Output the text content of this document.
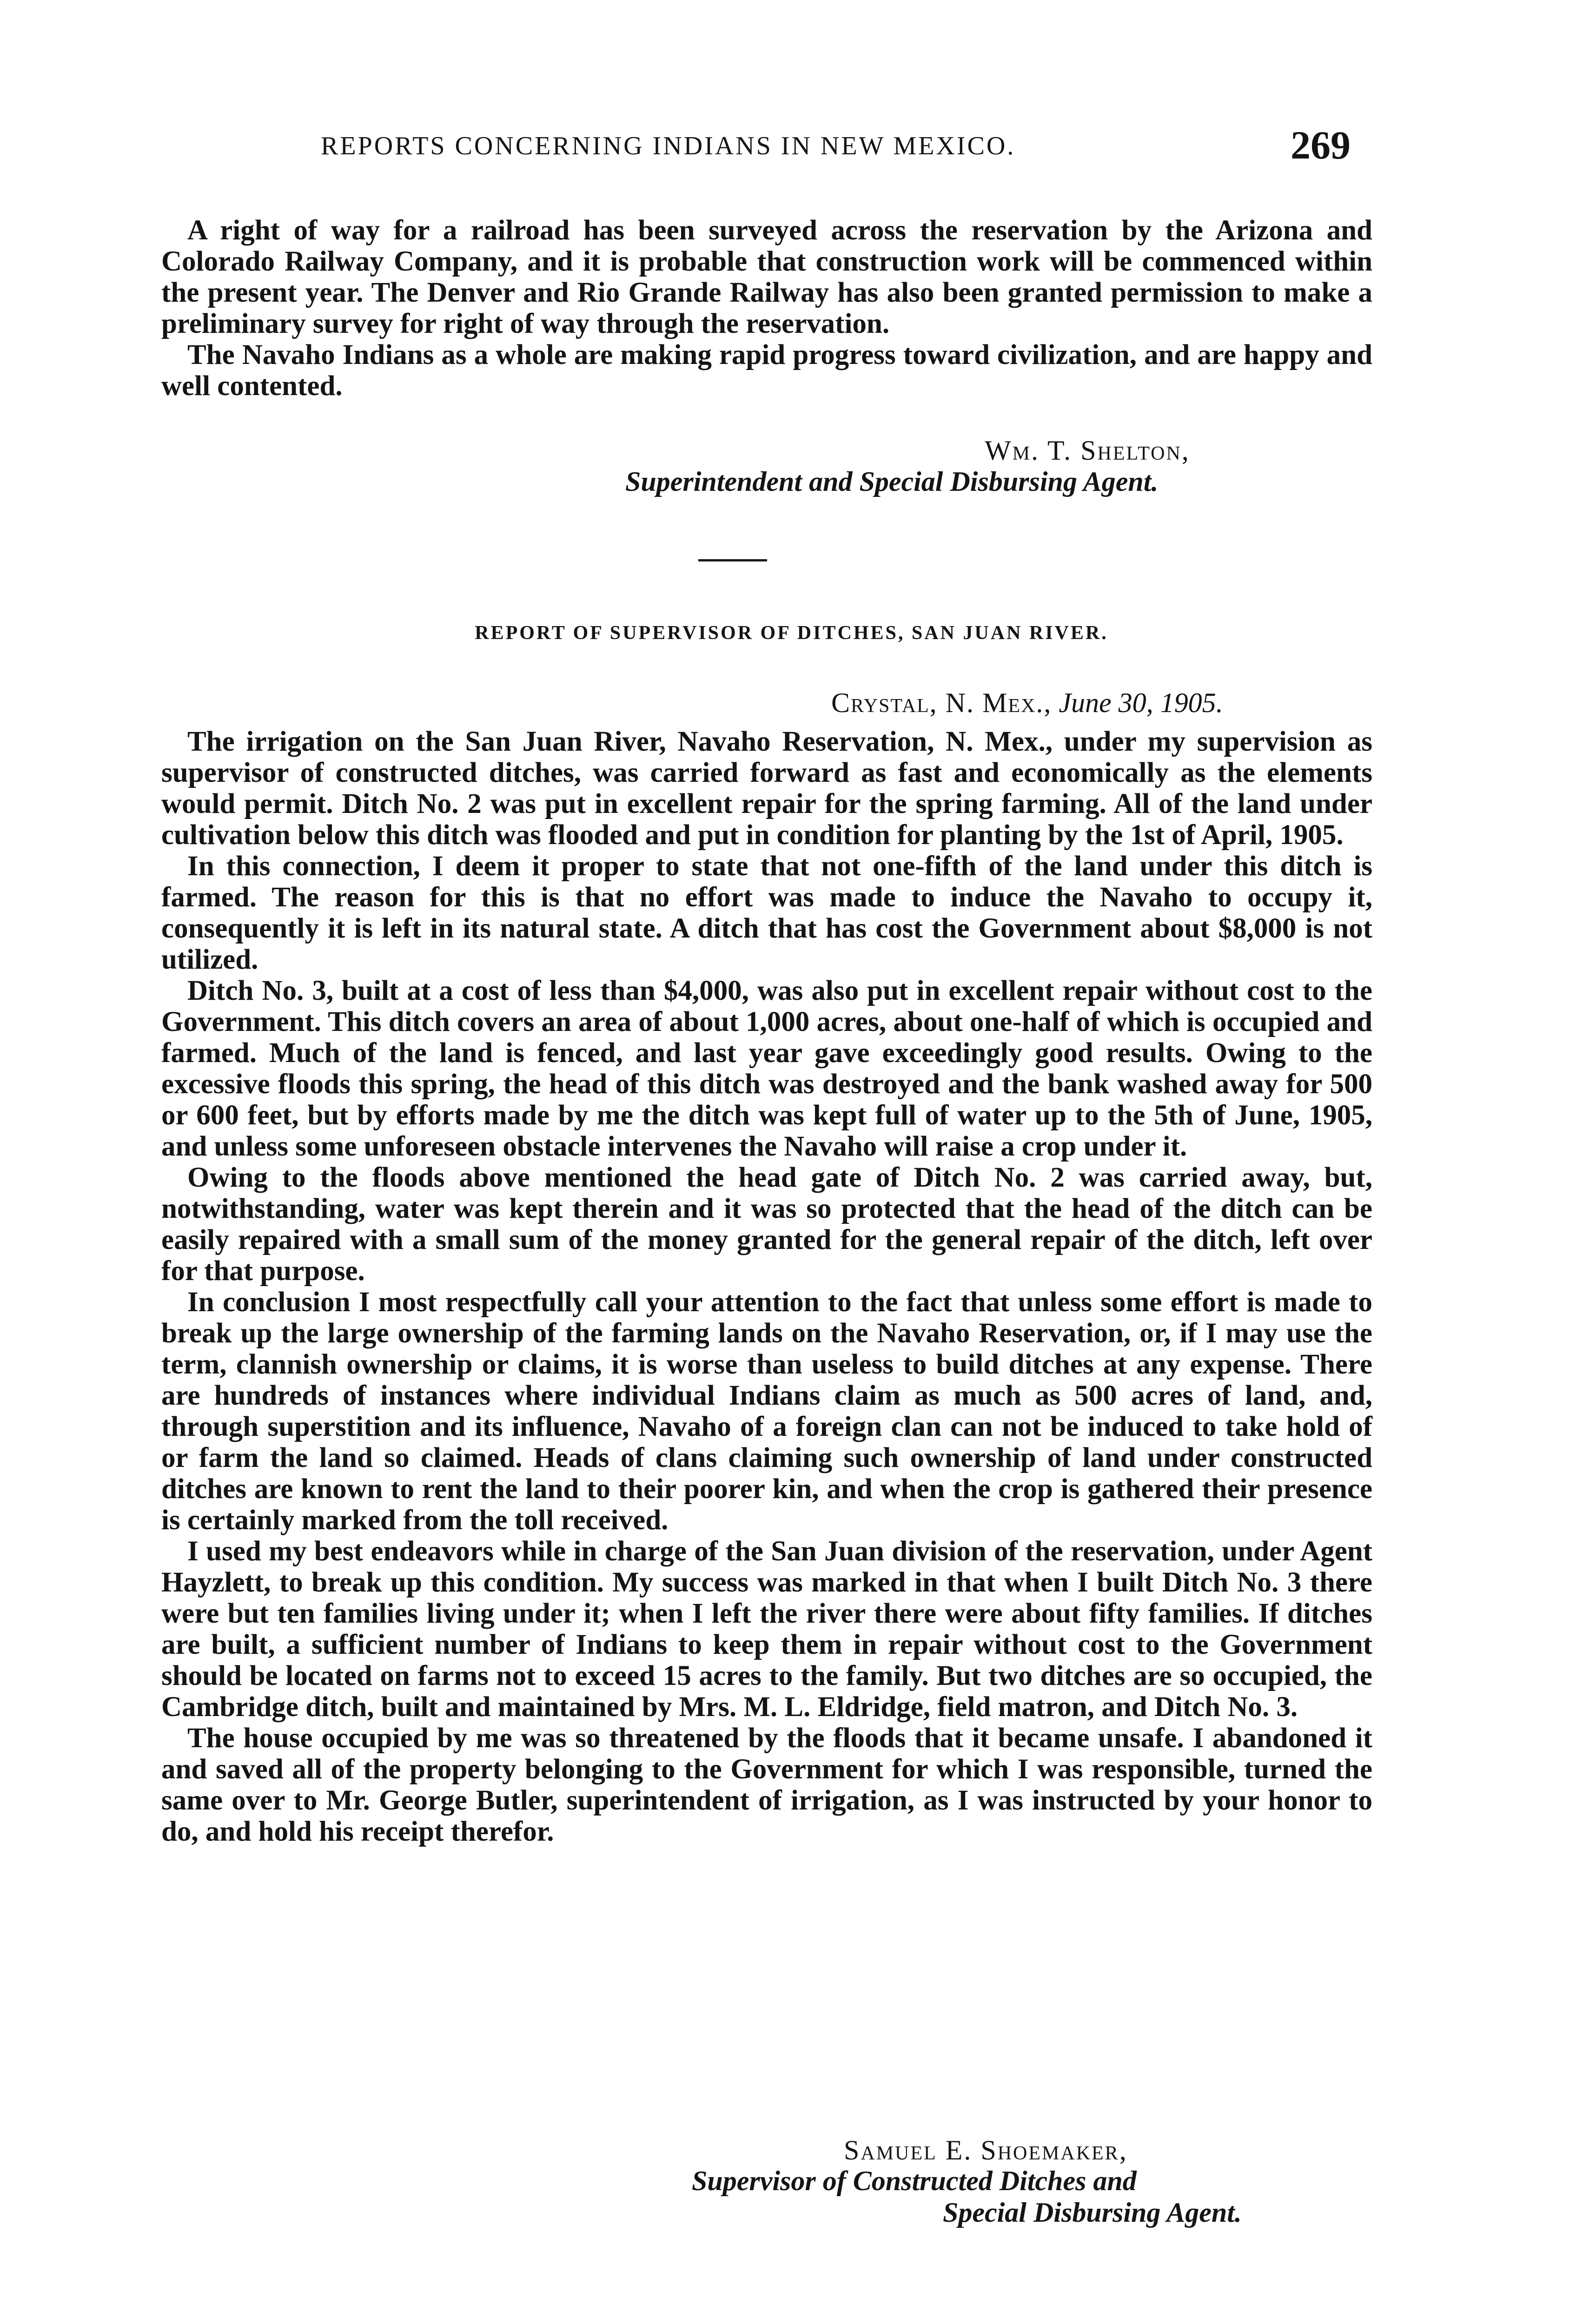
REPORTS CONCERNING INDIANS IN NEW MEXICO.	269

A right of way for a railroad has been surveyed across the reservation by the Arizona and Colorado Railway Company, and it is probable that construction work will be commenced within the present year. The Denver and Rio Grande Railway has also been granted permission to make a preliminary survey for right of way through the reservation.

The Navaho Indians as a whole are making rapid progress toward civilization, and are happy and well contented.

Wm. T. Shelton,
Superintendent and Special Disbursing Agent.
REPORT OF SUPERVISOR OF DITCHES, SAN JUAN RIVER.
Crystal, N. Mex., June 30, 1905.

The irrigation on the San Juan River, Navaho Reservation, N. Mex., under my supervision as supervisor of constructed ditches, was carried forward as fast and economically as the elements would permit. Ditch No. 2 was put in excellent repair for the spring farming. All of the land under cultivation below this ditch was flooded and put in condition for planting by the 1st of April, 1905.

In this connection, I deem it proper to state that not one-fifth of the land under this ditch is farmed. The reason for this is that no effort was made to induce the Navaho to occupy it, consequently it is left in its natural state. A ditch that has cost the Government about $8,000 is not utilized.

Ditch No. 3, built at a cost of less than $4,000, was also put in excellent repair without cost to the Government. This ditch covers an area of about 1,000 acres, about one-half of which is occupied and farmed. Much of the land is fenced, and last year gave exceedingly good results. Owing to the excessive floods this spring, the head of this ditch was destroyed and the bank washed away for 500 or 600 feet, but by efforts made by me the ditch was kept full of water up to the 5th of June, 1905, and unless some unforeseen obstacle intervenes the Navaho will raise a crop under it.

Owing to the floods above mentioned the head gate of Ditch No. 2 was carried away, but, notwithstanding, water was kept therein and it was so protected that the head of the ditch can be easily repaired with a small sum of the money granted for the general repair of the ditch, left over for that purpose.

In conclusion I most respectfully call your attention to the fact that unless some effort is made to break up the large ownership of the farming lands on the Navaho Reservation, or, if I may use the term, clannish ownership or claims, it is worse than useless to build ditches at any expense. There are hundreds of instances where individual Indians claim as much as 500 acres of land, and, through superstition and its influence, Navaho of a foreign clan can not be induced to take hold of or farm the land so claimed. Heads of clans claiming such ownership of land under constructed ditches are known to rent the land to their poorer kin, and when the crop is gathered their presence is certainly marked from the toll received.

I used my best endeavors while in charge of the San Juan division of the reservation, under Agent Hayzlett, to break up this condition. My success was marked in that when I built Ditch No. 3 there were but ten families living under it; when I left the river there were about fifty families. If ditches are built, a sufficient number of Indians to keep them in repair without cost to the Government should be located on farms not to exceed 15 acres to the family. But two ditches are so occupied, the Cambridge ditch, built and maintained by Mrs. M. L. Eldridge, field matron, and Ditch No. 3.

The house occupied by me was so threatened by the floods that it became unsafe. I abandoned it and saved all of the property belonging to the Government for which I was responsible, turned the same over to Mr. George Butler, superintendent of irrigation, as I was instructed by your honor to do, and hold his receipt therefor.

Samuel E. Shoemaker,
Supervisor of Constructed Ditches and
Special Disbursing Agent.
